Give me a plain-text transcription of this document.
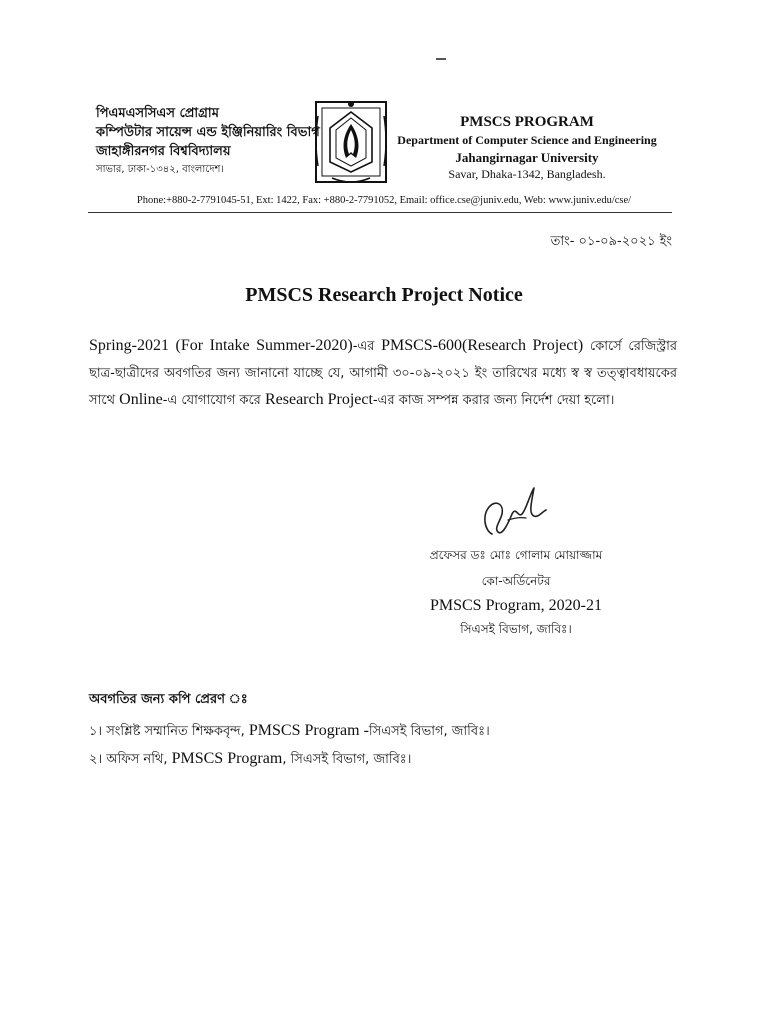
পিএমএসসিএস প্রোগ্রাম
কম্পিউটার সায়েন্স এন্ড ইঞ্জিনিয়ারিং বিভাগ
জাহাঙ্গীরনগর বিশ্ববিদ্যালয়
সাভার, ঢাকা-১৩৪২, বাংলাদেশ।
PMSCS PROGRAM
Department of Computer Science and Engineering
Jahangirnagar University
Savar, Dhaka-1342, Bangladesh.
Phone:+880-2-7791045-51, Ext: 1422, Fax: +880-2-7791052, Email: office.cse@juniv.edu, Web: www.juniv.edu/cse/
তাং- ০১-০৯-২০২১ ইং
PMSCS Research Project Notice
Spring-2021 (For Intake Summer-2020)-এর PMSCS-600(Research Project) কোর্সে রেজিস্ট্রার ছাত্র-ছাত্রীদের অবগতির জন্য জানানো যাচ্ছে যে, আগামী ৩০-০৯-২০২১ ইং তারিখের মধ্যে স্ব স্ব তত্ত্বাবধায়কের সাথে Online-এ যোগাযোগ করে Research Project-এর কাজ সম্পন্ন করার জন্য নির্দেশ দেয়া হলো।
প্রফেসর ডঃ মোঃ গোলাম মোয়াজ্জাম
কো-অর্ডিনেটর
PMSCS Program, 2020-21
সিএসই বিভাগ, জাবিঃ।
অবগতির জন্য কপি প্রেরণ ঃ
১। সংশ্লিষ্ট সম্মানিত শিক্ষকবৃন্দ, PMSCS Program -সিএসই বিভাগ, জাবিঃ।
২। অফিস নথি, PMSCS Program, সিএসই বিভাগ, জাবিঃ।
